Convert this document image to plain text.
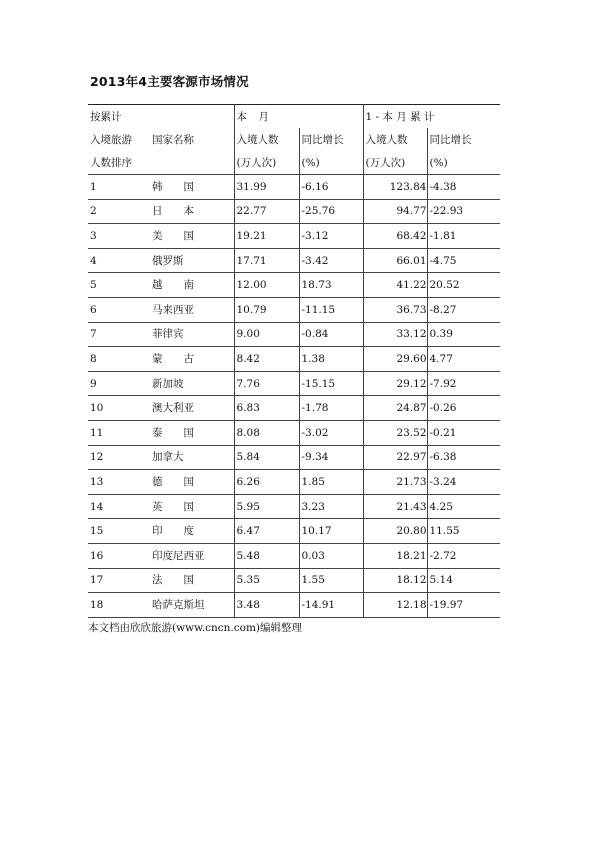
2013年4主要客源市场情况
按累计		本 月		1 - 本 月 累 计	
入境旅游	国家名称	入境人数	同比增长	入境人数	同比增长
人数排序		(万人次)	(%)	(万人次)	(%)
1	韩　　国	31.99	-6.16	123.84	-4.38
2	日　　本	22.77	-25.76	94.77	-22.93
3	美　　国	19.21	-3.12	68.42	-1.81
4	俄罗斯	17.71	-3.42	66.01	-4.75
5	越　　南	12.00	18.73	41.22	20.52
6	马来西亚	10.79	-11.15	36.73	-8.27
7	菲律宾	9.00	-0.84	33.12	0.39
8	蒙　　古	8.42	1.38	29.60	4.77
9	新加坡	7.76	-15.15	29.12	-7.92
10	澳大利亚	6.83	-1.78	24.87	-0.26
11	泰　　国	8.08	-3.02	23.52	-0.21
12	加拿大	5.84	-9.34	22.97	-6.38
13	德　　国	6.26	1.85	21.73	-3.24
14	英　　国	5.95	3.23	21.43	4.25
15	印　　度	6.47	10.17	20.80	11.55
16	印度尼西亚	5.48	0.03	18.21	-2.72
17	法　　国	5.35	1.55	18.12	5.14
18	哈萨克斯坦	3.48	-14.91	12.18	-19.97
本文档由欣欣旅游(www.cncn.com)编辑整理
